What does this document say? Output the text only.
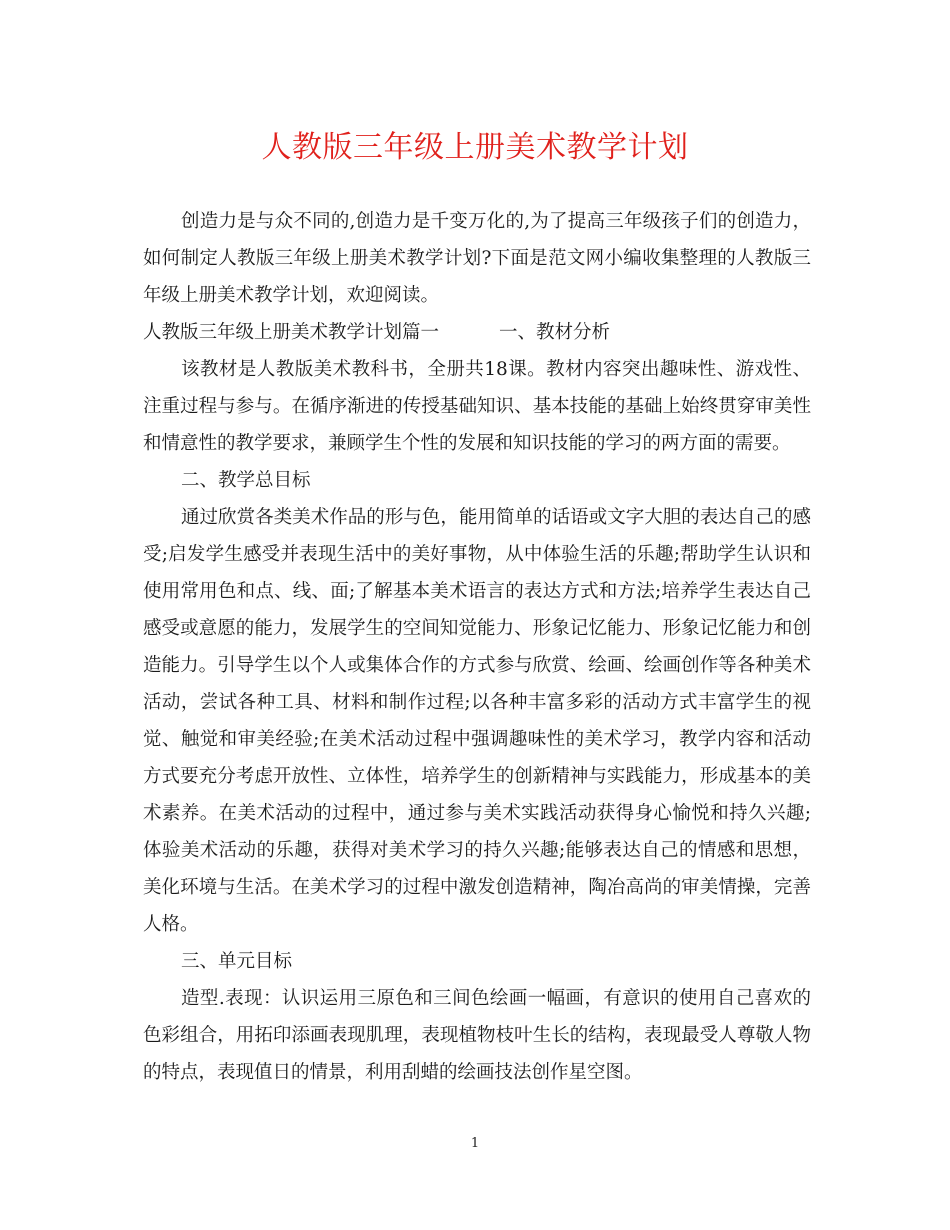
人教版三年级上册美术教学计划

创造力是与众不同的,创造力是千变万化的,为了提高三年级孩子们的创造力，如何制定人教版三年级上册美术教学计划?下面是范文网小编收集整理的人教版三年级上册美术教学计划，欢迎阅读。

人教版三年级上册美术教学计划篇一	一、教材分析

该教材是人教版美术教科书，全册共18课。教材内容突出趣味性、游戏性、注重过程与参与。在循序渐进的传授基础知识、基本技能的基础上始终贯穿审美性和情意性的教学要求，兼顾学生个性的发展和知识技能的学习的两方面的需要。

二、教学总目标

通过欣赏各类美术作品的形与色，能用简单的话语或文字大胆的表达自己的感受;启发学生感受并表现生活中的美好事物，从中体验生活的乐趣;帮助学生认识和使用常用色和点、线、面;了解基本美术语言的表达方式和方法;培养学生表达自己感受或意愿的能力，发展学生的空间知觉能力、形象记忆能力、形象记忆能力和创造能力。引导学生以个人或集体合作的方式参与欣赏、绘画、绘画创作等各种美术活动，尝试各种工具、材料和制作过程;以各种丰富多彩的活动方式丰富学生的视觉、触觉和审美经验;在美术活动过程中强调趣味性的美术学习，教学内容和活动方式要充分考虑开放性、立体性，培养学生的创新精神与实践能力，形成基本的美术素养。在美术活动的过程中，通过参与美术实践活动获得身心愉悦和持久兴趣;体验美术活动的乐趣，获得对美术学习的持久兴趣;能够表达自己的情感和思想，美化环境与生活。在美术学习的过程中激发创造精神，陶冶高尚的审美情操，完善人格。

三、单元目标

造型.表现：认识运用三原色和三间色绘画一幅画，有意识的使用自己喜欢的色彩组合，用拓印添画表现肌理，表现植物枝叶生长的结构，表现最受人尊敬人物的特点，表现值日的情景，利用刮蜡的绘画技法创作星空图。

1
